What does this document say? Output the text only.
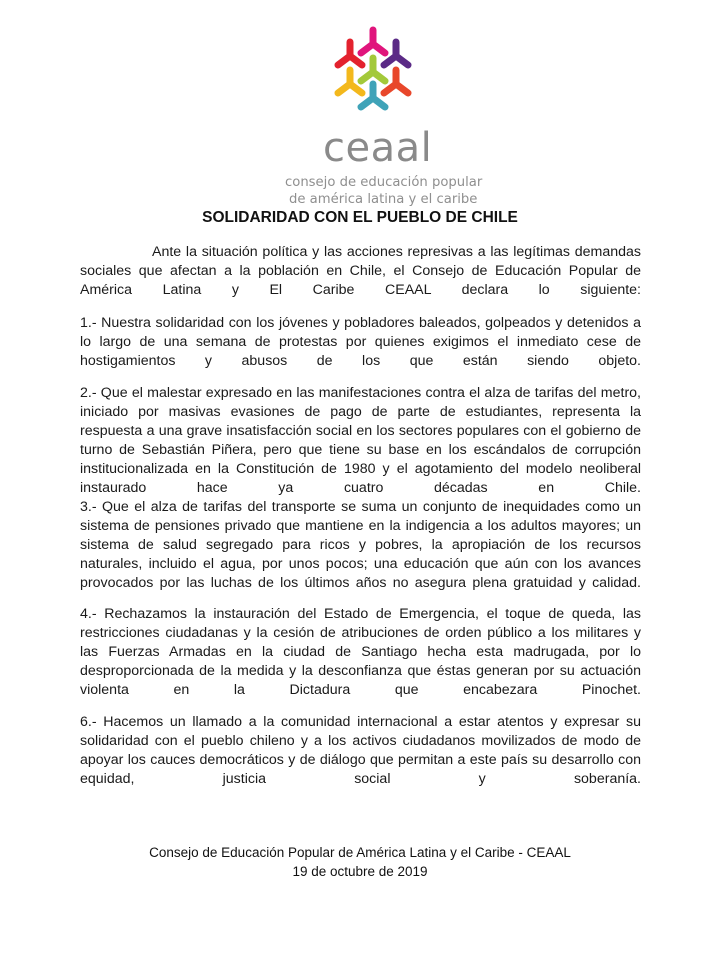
ceaal
consejo de educación popular
de américa latina y el caribe
SOLIDARIDAD CON EL PUEBLO DE CHILE
Ante la situación política y las acciones represivas a las legítimas demandas
sociales que afectan a la población en Chile, el Consejo de Educación Popular de
América Latina y El Caribe CEAAL declara lo siguiente:
1.- Nuestra solidaridad con los jóvenes y pobladores baleados, golpeados y detenidos a
lo largo de una semana de protestas por quienes exigimos el inmediato cese de
hostigamientos y abusos de los que están siendo objeto.
2.- Que el malestar expresado en las manifestaciones contra el alza de tarifas del metro,
iniciado por masivas evasiones de pago de parte de estudiantes, representa la
respuesta a una grave insatisfacción social en los sectores populares con el gobierno de
turno de Sebastián Piñera, pero que tiene su base en los escándalos de corrupción
institucionalizada en la Constitución de 1980 y el agotamiento del modelo neoliberal
instaurado hace ya cuatro décadas en Chile.
3.- Que el alza de tarifas del transporte se suma un conjunto de inequidades como un
sistema de pensiones privado que mantiene en la indigencia a los adultos mayores; un
sistema de salud segregado para ricos y pobres, la apropiación de los recursos
naturales, incluido el agua, por unos pocos; una educación que aún con los avances
provocados por las luchas de los últimos años no asegura plena gratuidad y calidad.
4.- Rechazamos la instauración del Estado de Emergencia, el toque de queda, las
restricciones ciudadanas y la cesión de atribuciones de orden público a los militares y
las Fuerzas Armadas en la ciudad de Santiago hecha esta madrugada, por lo
desproporcionada de la medida y la desconfianza que éstas generan por su actuación
violenta en la Dictadura que encabezara Pinochet.
6.- Hacemos un llamado a la comunidad internacional a estar atentos y expresar su
solidaridad con el pueblo chileno y a los activos ciudadanos movilizados de modo de
apoyar los cauces democráticos y de diálogo que permitan a este país su desarrollo con
equidad, justicia social y soberanía.
Consejo de Educación Popular de América Latina y el Caribe - CEAAL
19 de octubre de 2019
